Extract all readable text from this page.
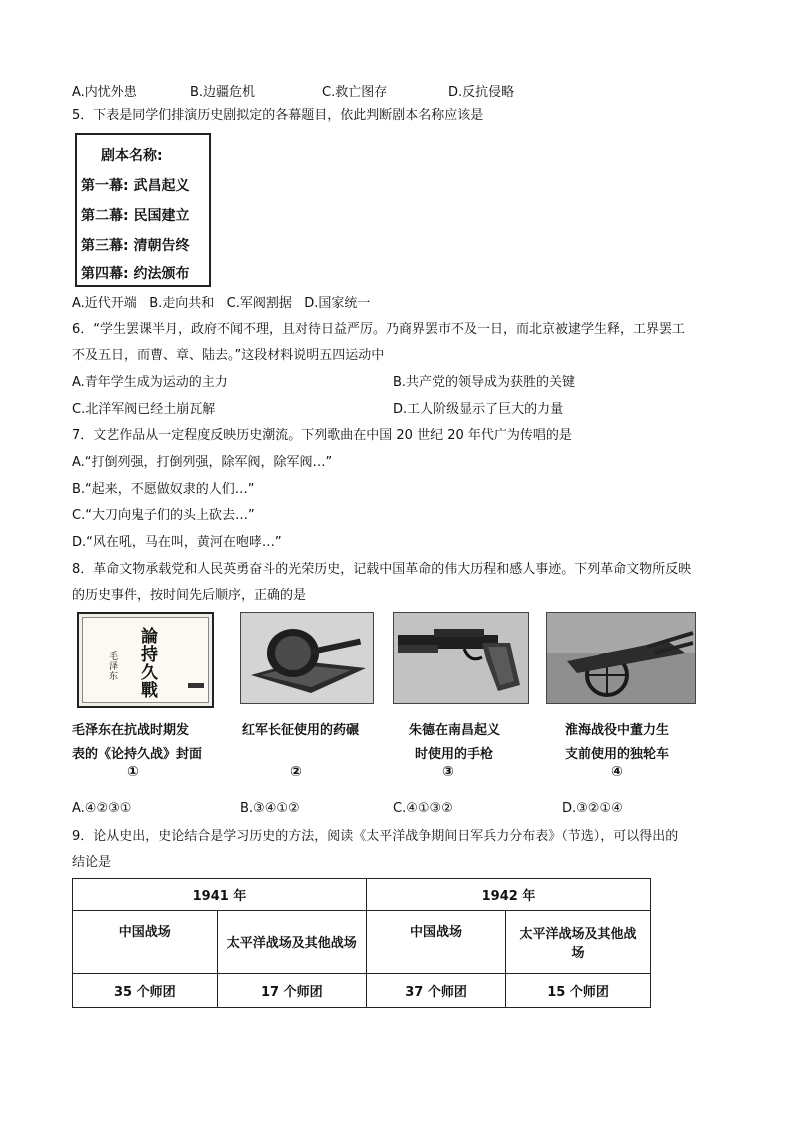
A.内忧外患	B.边疆危机	C.救亡图存	D.反抗侵略
5．下表是同学们排演历史剧拟定的各幕题目，依此判断剧本名称应该是
剧本名称:
第一幕: 武昌起义
第二幕: 民国建立
第三幕: 清朝告终
第四幕: 约法颁布
A.近代开端   B.走向共和   C.军阀割据   D.国家统一
6．“学生罢课半月，政府不闻不理，且对待日益严厉。乃商界罢市不及一日，而北京被逮学生释，工界罢工
不及五日，而曹、章、陆去。”这段材料说明五四运动中
A.青年学生成为运动的主力	B.共产党的领导成为获胜的关键
C.北洋军阀已经土崩瓦解	D.工人阶级显示了巨大的力量
7．文艺作品从一定程度反映历史潮流。下列歌曲在中国 20 世纪 20 年代广为传唱的是
A.“打倒列强，打倒列强，除军阀，除军阀…”
B.“起来，不愿做奴隶的人们…”
C.“大刀向鬼子们的头上砍去…”
D.“风在吼，马在叫，黄河在咆哮…”
8．革命文物承载党和人民英勇奋斗的光荣历史，记载中国革命的伟大历程和感人事迹。下列革命文物所反映
的历史事件，按时间先后顺序，正确的是
論持久戰
毛泽东
毛泽东在抗战时期发
表的《论持久战》封面
①
红军长征使用的药碾
②
朱德在南昌起义
时使用的手枪
③
淮海战役中董力生
支前使用的独轮车
④
A.④②③①	B.③④①②	C.④①③②	D.③②①④
9．论从史出，史论结合是学习历史的方法，阅读《太平洋战争期间日军兵力分布表》（节选），可以得出的
结论是
1941 年		1942 年	
中国战场	太平洋战场及其他战场	中国战场	太平洋战场及其他战场
35 个师团	17 个师团	37 个师团	15 个师团
